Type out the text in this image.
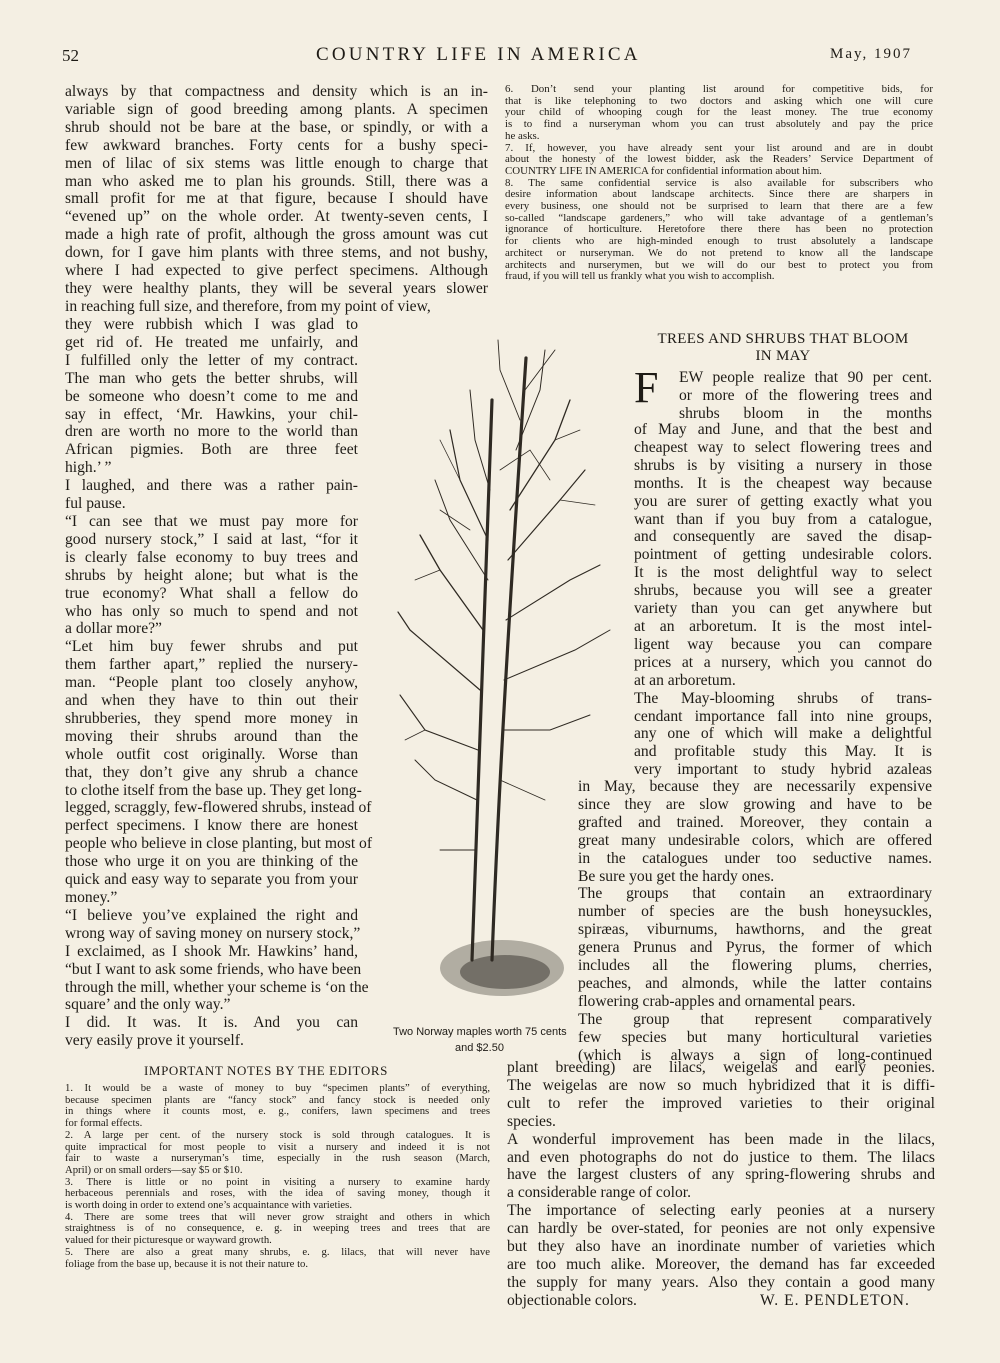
52	COUNTRY LIFE IN AMERICA	May, 1907
always by that compactness and density which is an in-
variable sign of good breeding among plants. A specimen
shrub should not be bare at the base, or spindly, or with a
few awkward branches. Forty cents for a bushy speci-
men of lilac of six stems was little enough to charge that
man who asked me to plan his grounds. Still, there was a
small profit for me at that figure, because I should have
“evened up” on the whole order. At twenty-seven cents, I
made a high rate of profit, although the gross amount was cut
down, for I gave him plants with three stems, and not bushy,
where I had expected to give perfect specimens. Although
they were healthy plants, they will be several years slower
in reaching full size, and therefore, from my point of view,
they were rubbish which I was glad to
get rid of. He treated me unfairly, and
I fulfilled only the letter of my contract.
The man who gets the better shrubs, will
be someone who doesn’t come to me and
say in effect, ‘Mr. Hawkins, your chil-
dren are worth no more to the world than
African pigmies. Both are three feet
high.’ ”
I laughed, and there was a rather pain-
ful pause.
“I can see that we must pay more for
good nursery stock,” I said at last, “for it
is clearly false economy to buy trees and
shrubs by height alone; but what is the
true economy? What shall a fellow do
who has only so much to spend and not
a dollar more?”
“Let him buy fewer shrubs and put
them farther apart,” replied the nursery-
man. “People plant too closely anyhow,
and when they have to thin out their
shrubberies, they spend more money in
moving their shrubs around than the
whole outfit cost originally. Worse than
that, they don’t give any shrub a chance
to clothe itself from the base up. They get long-
legged, scraggly, few-flowered shrubs, instead of
perfect specimens. I know there are honest
people who believe in close planting, but most of
those who urge it on you are thinking of the
quick and easy way to separate you from your
money.”
“I believe you’ve explained the right and
wrong way of saving money on nursery stock,”
I exclaimed, as I shook Mr. Hawkins’ hand,
“but I want to ask some friends, who have been
through the mill, whether your scheme is ‘on the
square’ and the only way.”
I did. It was. It is. And you can
very easily prove it yourself.
IMPORTANT NOTES BY THE EDITORS
1. It would be a waste of money to buy “specimen plants” of everything,
because specimen plants are “fancy stock” and fancy stock is needed only
in things where it counts most, e. g., conifers, lawn specimens and trees
for formal effects.
2. A large per cent. of the nursery stock is sold through catalogues. It is
quite impractical for most people to visit a nursery and indeed it is not
fair to waste a nurseryman’s time, especially in the rush season (March,
April) or on small orders—say $5 or $10.
3. There is little or no point in visiting a nursery to examine hardy
herbaceous perennials and roses, with the idea of saving money, though it
is worth doing in order to extend one’s acquaintance with varieties.
4. There are some trees that will never grow straight and others in which
straightness is of no consequence, e. g. in weeping trees and trees that are
valued for their picturesque or wayward growth.
5. There are also a great many shrubs, e. g. lilacs, that will never have
foliage from the base up, because it is not their nature to.
6. Don’t send your planting list around for competitive bids, for
that is like telephoning to two doctors and asking which one will cure
your child of whooping cough for the least money. The true economy
is to find a nurseryman whom you can trust absolutely and pay the price
he asks.
7. If, however, you have already sent your list around and are in doubt
about the honesty of the lowest bidder, ask the Readers’ Service Department of
COUNTRY LIFE IN AMERICA for confidential information about him.
8. The same confidential service is also available for subscribers who
desire information about landscape architects. Since there are sharpers in
every business, one should not be surprised to learn that there are a few
so-called “landscape gardeners,” who will take advantage of a gentleman’s
ignorance of horticulture. Heretofore there there has been no protection
for clients who are high-minded enough to trust absolutely a landscape
architect or nurseryman. We do not pretend to know all the landscape
architects and nurserymen, but we will do our best to protect you from
fraud, if you will tell us frankly what you wish to accomplish.
TREES AND SHRUBS THAT BLOOM
IN MAY
F EW people realize that 90 per cent.
or more of the flowering trees and
shrubs bloom in the months
of May and June, and that the best and
cheapest way to select flowering trees and
shrubs is by visiting a nursery in those
months. It is the cheapest way because
you are surer of getting exactly what you
want than if you buy from a catalogue,
and consequently are saved the disap-
pointment of getting undesirable colors.
It is the most delightful way to select
shrubs, because you will see a greater
variety than you can get anywhere but
at an arboretum. It is the most intel-
ligent way because you can compare
prices at a nursery, which you cannot do
at an arboretum.
The May-blooming shrubs of trans-
cendant importance fall into nine groups,
any one of which will make a delightful
and profitable study this May. It is
very important to study hybrid azaleas
in May, because they are necessarily expensive
since they are slow growing and have to be
grafted and trained. Moreover, they contain a
great many undesirable colors, which are offered
in the catalogues under too seductive names.
Be sure you get the hardy ones.
The groups that contain an extraordinary
number of species are the bush honeysuckles,
spiræas, viburnums, hawthorns, and the great
genera Prunus and Pyrus, the former of which
includes all the flowering plums, cherries,
peaches, and almonds, while the latter contains
flowering crab-apples and ornamental pears.
The group that represent comparatively
few species but many horticultural varieties
(which is always a sign of long-continued
plant breeding) are lilacs, weigelas and early peonies.
The weigelas are now so much hybridized that it is diffi-
cult to refer the improved varieties to their original
species.
A wonderful improvement has been made in the lilacs,
and even photographs do not do justice to them. The lilacs
have the largest clusters of any spring-flowering shrubs and
a considerable range of color.
The importance of selecting early peonies at a nursery
can hardly be over-stated, for peonies are not only expensive
but they also have an inordinate number of varieties which
are too much alike. Moreover, the demand has far exceeded
the supply for many years. Also they contain a good many
objectionable colors.	W. E. PENDLETON.
Two Norway maples worth 75 cents
and $2.50
